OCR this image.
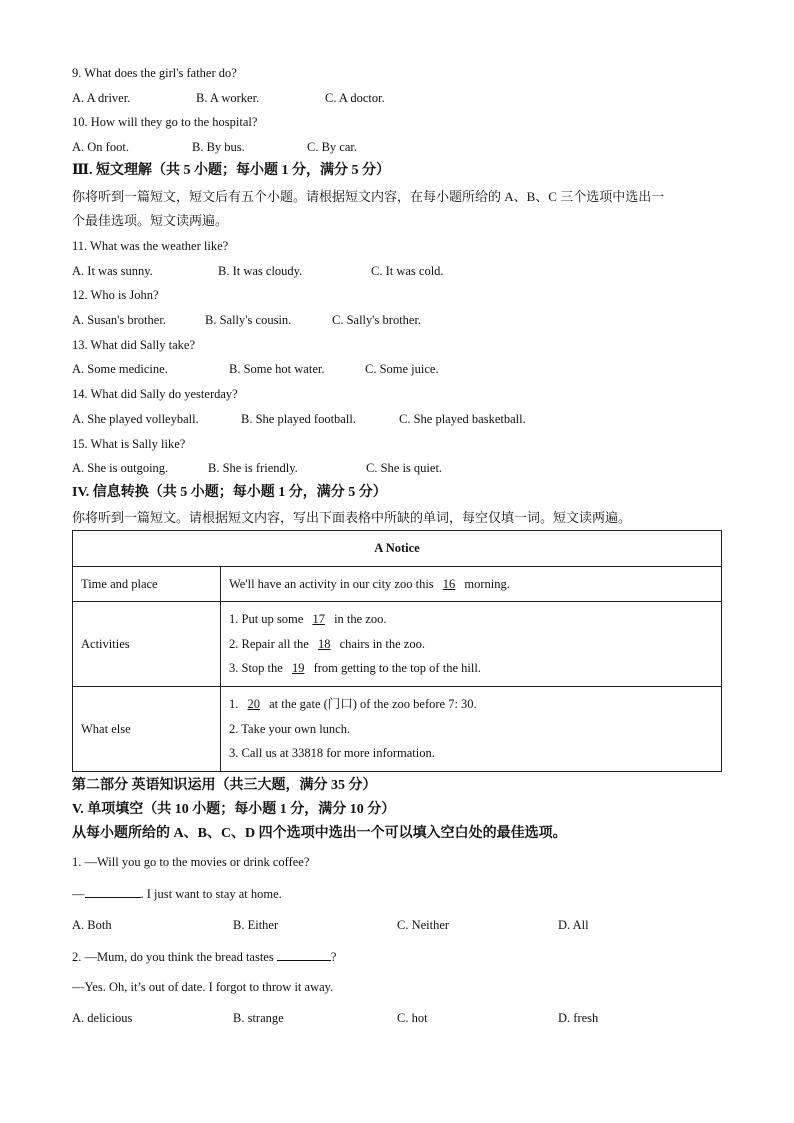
9. What does the girl's father do?
A. A driver.	B. A worker.	C. A doctor.
10. How will they go to the hospital?
A. On foot.	B. By bus.	C. By car.
Ⅲ. 短文理解（共 5 小题；每小题 1 分，满分 5 分）
你将听到一篇短文，短文后有五个小题。请根据短文内容，在每小题所给的 A、B、C 三个选项中选出一
个最佳选项。短文读两遍。
11. What was the weather like?
A. It was sunny.	B. It was cloudy.	C. It was cold.
12. Who is John?
A. Susan's brother.	B. Sally's cousin.	C. Sally's brother.
13. What did Sally take?
A. Some medicine.	B. Some hot water.	C. Some juice.
14. What did Sally do yesterday?
A. She played volleyball.	B. She played football.	C. She played basketball.
15. What is Sally like?
A. She is outgoing.	B. She is friendly.	C. She is quiet.
IV. 信息转换（共 5 小题；每小题 1 分，满分 5 分）
你将听到一篇短文。请根据短文内容，写出下面表格中所缺的单词，每空仅填一词。短文读两遍。
A Notice	
Time and place	We'll have an activity in our city zoo this 16 morning.
Activities	1. Put up some 17 in the zoo.
2. Repair all the 18 chairs in the zoo.
3. Stop the 19 from getting to the top of the hill.

What else	1. 20 at the gate (门口) of the zoo before 7: 30.
2. Take your own lunch.
3. Call us at 33818 for more information.
第二部分 英语知识运用（共三大题，满分 35 分）
V. 单项填空（共 10 小题；每小题 1 分，满分 10 分）
从每小题所给的 A、B、C、D 四个选项中选出一个可以填入空白处的最佳选项。
1. —Will you go to the movies or drink coffee?
—	. I just want to stay at home.
A. Both	B. Either	C. Neither	D. All
2. —Mum, do you think the bread tastes	?
—Yes. Oh, it’s out of date. I forgot to throw it away.
A. delicious	B. strange	C. hot	D. fresh
